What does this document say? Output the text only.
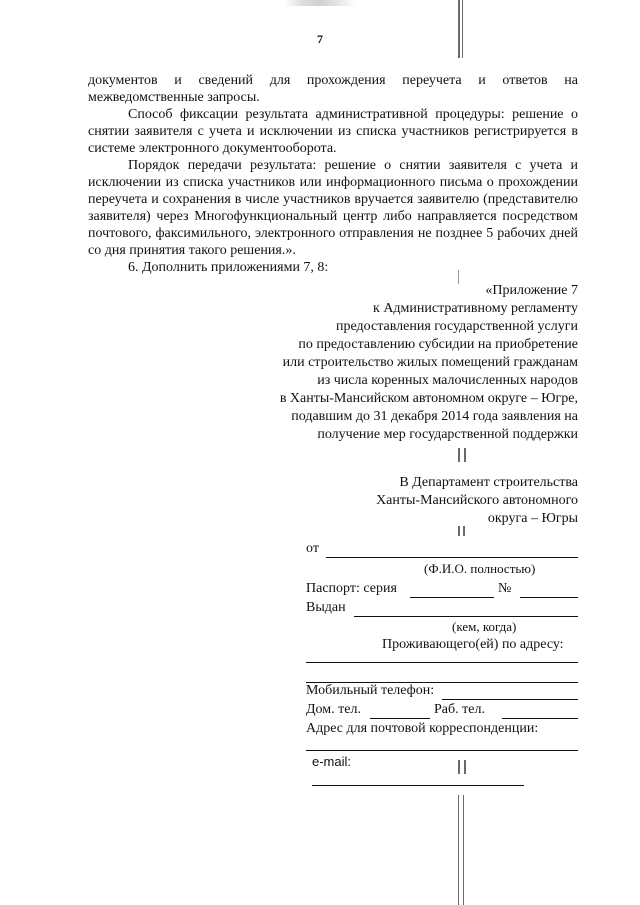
7

документов и сведений для прохождения переучета и ответов на межведомственные запросы.

Способ фиксации результата административной процедуры: решение о снятии заявителя с учета и исключении из списка участников регистрируется в системе электронного документооборота.

Порядок передачи результата: решение о снятии заявителя с учета и исключении из списка участников или информационного письма о прохождении переучета и сохранения в числе участников вручается заявителю (представителю заявителя) через Многофункциональный центр либо направляется посредством почтового, факсимильного, электронного отправления не позднее 5 рабочих дней со дня принятия такого решения.».

6. Дополнить приложениями 7, 8:

«Приложение 7
к Административному регламенту
предоставления государственной услуги
по предоставлению субсидии на приобретение
или строительство жилых помещений гражданам
из числа коренных малочисленных народов
в Ханты-Мансийском автономном округе – Югре,
подавшим до 31 декабря 2014 года заявления на
получение мер государственной поддержки
В Департамент строительства
Ханты-Мансийского автономного
округа – Югры
от
(Ф.И.О. полностью)
Паспорт: серия	№
Выдан
(кем, когда)
Проживающего(ей) по адресу:
Мобильный телефон:
Дом. тел.	Раб. тел.
Адрес для почтовой корреспонденции:
e-mail:
